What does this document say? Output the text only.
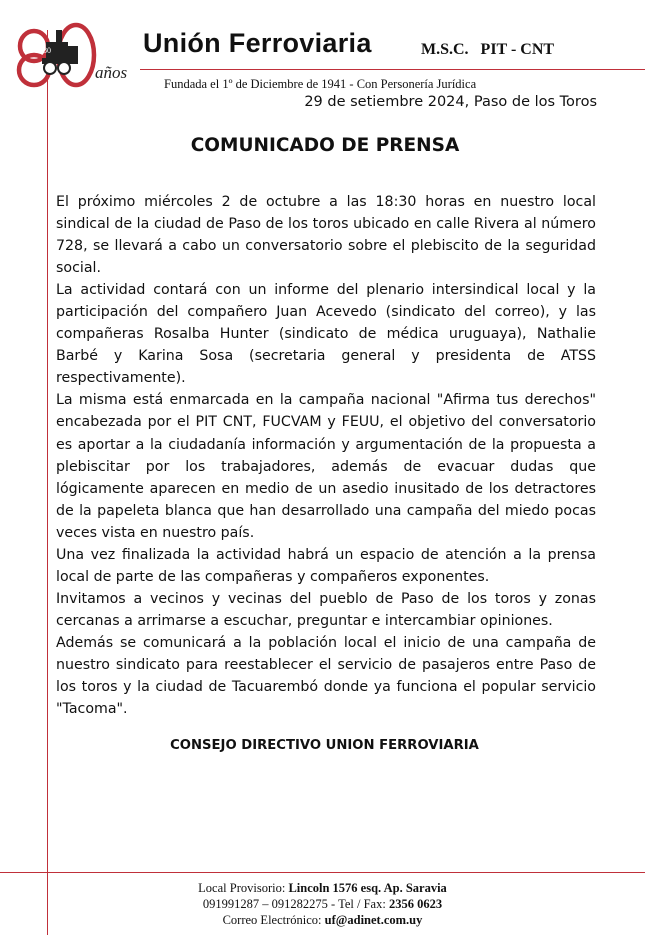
80
años
Unión Ferroviaria	M.S.C.   PIT - CNT
Fundada el 1º de Diciembre de 1941 - Con Personería Jurídica
29 de setiembre 2024, Paso de los Toros
COMUNICADO DE PRENSA

El próximo miércoles 2 de octubre a las 18:30 horas en nuestro local sindical de la ciudad de Paso de los toros ubicado en calle Rivera al número 728, se llevará a cabo un conversatorio sobre el plebiscito de la seguridad social.

La actividad contará con un informe del plenario intersindical local y la participación del compañero Juan Acevedo (sindicato del correo), y las compañeras Rosalba Hunter (sindicato de médica uruguaya), Nathalie Barbé y Karina Sosa (secretaria general y presidenta de ATSS respectivamente).

La misma está enmarcada en la campaña nacional "Afirma tus derechos" encabezada por el PIT CNT, FUCVAM y FEUU, el objetivo del conversatorio es aportar a la ciudadanía información y argumentación de la propuesta a plebiscitar por los trabajadores, además de evacuar dudas que lógicamente aparecen en medio de un asedio inusitado de los detractores de la papeleta blanca que han desarrollado una campaña del miedo pocas veces vista en nuestro país.

Una vez finalizada la actividad habrá un espacio de atención a la prensa local de parte de las compañeras y compañeros exponentes.

Invitamos a vecinos y vecinas del pueblo de Paso de los toros y zonas cercanas a arrimarse a escuchar, preguntar e intercambiar opiniones.

Además se comunicará a la población local el inicio de una campaña de nuestro sindicato para reestablecer el servicio de pasajeros entre Paso de los toros y la ciudad de Tacuarembó donde ya funciona el popular servicio "Tacoma".

CONSEJO DIRECTIVO UNION FERROVIARIA
Local Provisorio: Lincoln 1576 esq. Ap. Saravia
091991287 – 091282275 - Tel / Fax: 2356 0623
Correo Electrónico: uf@adinet.com.uy
